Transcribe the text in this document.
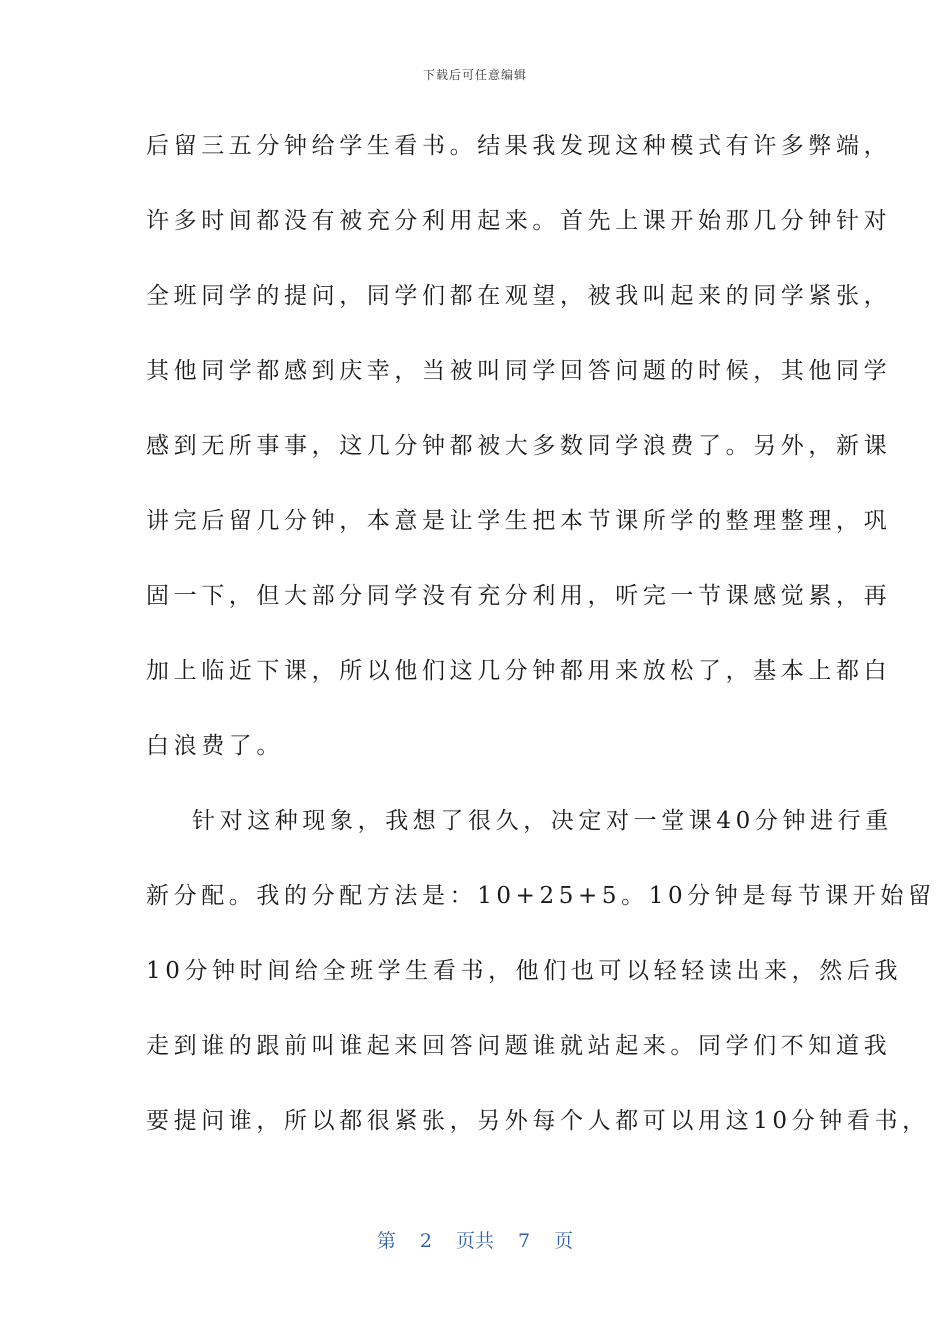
下载后可任意编辑
后留三五分钟给学生看书。结果我发现这种模式有许多弊端，
许多时间都没有被充分利用起来。首先上课开始那几分钟针对
全班同学的提问，同学们都在观望，被我叫起来的同学紧张，
其他同学都感到庆幸，当被叫同学回答问题的时候，其他同学
感到无所事事，这几分钟都被大多数同学浪费了。另外，新课
讲完后留几分钟，本意是让学生把本节课所学的整理整理，巩
固一下，但大部分同学没有充分利用，听完一节课感觉累，再
加上临近下课，所以他们这几分钟都用来放松了，基本上都白
白浪费了。
针对这种现象，我想了很久，决定对一堂课40分钟进行重
新分配。我的分配方法是：10+25+5。10分钟是每节课开始留
10分钟时间给全班学生看书，他们也可以轻轻读出来，然后我
走到谁的跟前叫谁起来回答问题谁就站起来。同学们不知道我
要提问谁，所以都很紧张，另外每个人都可以用这10分钟看书，
第 2 页共 7 页
